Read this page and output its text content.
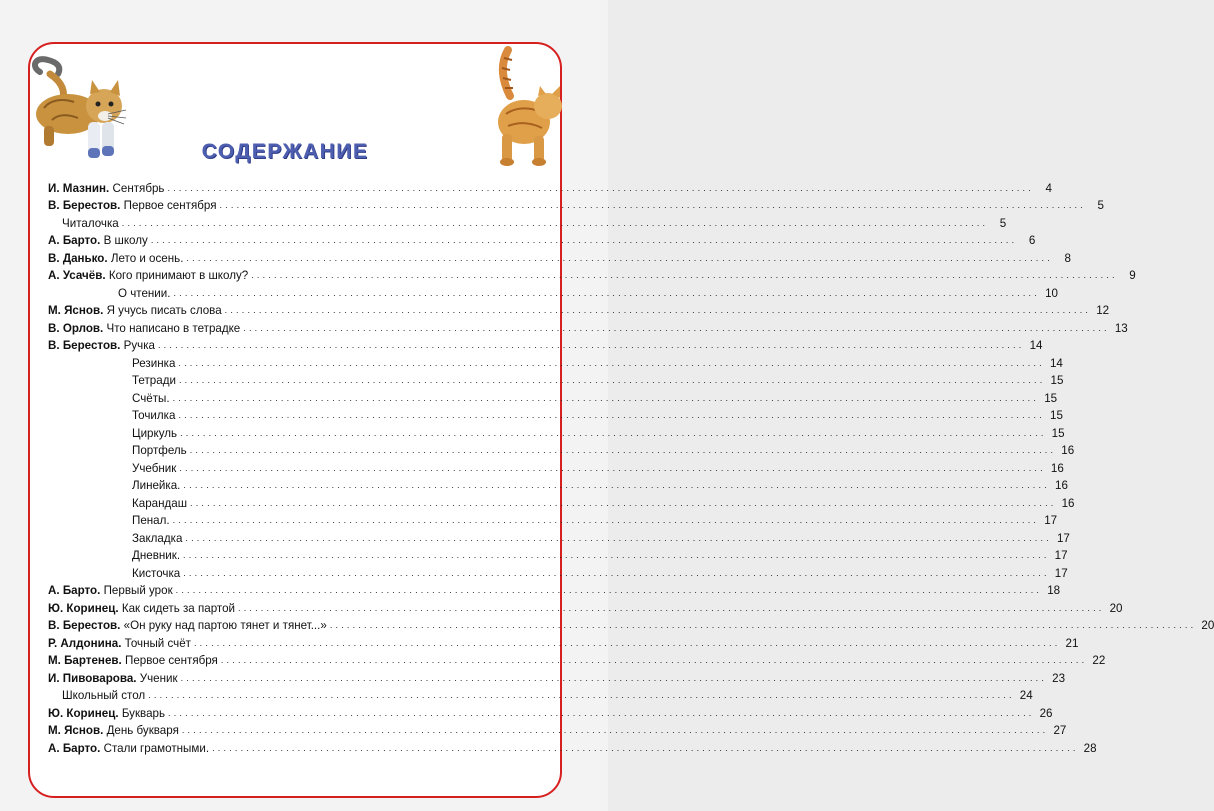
СОДЕРЖАНИЕ
И. Мазнин. Сентябрь ........................................................................................................................................................ 4
В. Берестов. Первое сентября ........................................................................................................................................................ 5
Читалочка ........................................................................................................................................................ 5
А. Барто. В школу ........................................................................................................................................................ 6
В. Данько. Лето и осень. ........................................................................................................................................................ 8
А. Усачёв. Кого принимают в школу? ........................................................................................................................................................ 9
О чтении. ........................................................................................................................................................ 10
М. Яснов. Я учусь писать слова ........................................................................................................................................................ 12
В. Орлов. Что написано в тетрадке ........................................................................................................................................................ 13
В. Берестов. Ручка ........................................................................................................................................................ 14
Резинка ........................................................................................................................................................ 14
Тетради ........................................................................................................................................................ 15
Счёты. ........................................................................................................................................................ 15
Точилка ........................................................................................................................................................ 15
Циркуль ........................................................................................................................................................ 15
Портфель ........................................................................................................................................................ 16
Учебник ........................................................................................................................................................ 16
Линейка. ........................................................................................................................................................ 16
Карандаш ........................................................................................................................................................ 16
Пенал. ........................................................................................................................................................ 17
Закладка ........................................................................................................................................................ 17
Дневник. ........................................................................................................................................................ 17
Кисточка ........................................................................................................................................................ 17
А. Барто. Первый урок ........................................................................................................................................................ 18
Ю. Коринец. Как сидеть за партой ........................................................................................................................................................ 20
В. Берестов. «Он руку над партою тянет и тянет...» ........................................................................................................................................................ 20
Р. Алдонина. Точный счёт ........................................................................................................................................................ 21
М. Бартенев. Первое сентября ........................................................................................................................................................ 22
И. Пивоварова. Ученик ........................................................................................................................................................ 23
Школьный стол ........................................................................................................................................................ 24
Ю. Коринец. Букварь ........................................................................................................................................................ 26
М. Яснов. День букваря ........................................................................................................................................................ 27
А. Барто. Стали грамотными. ........................................................................................................................................................ 28
